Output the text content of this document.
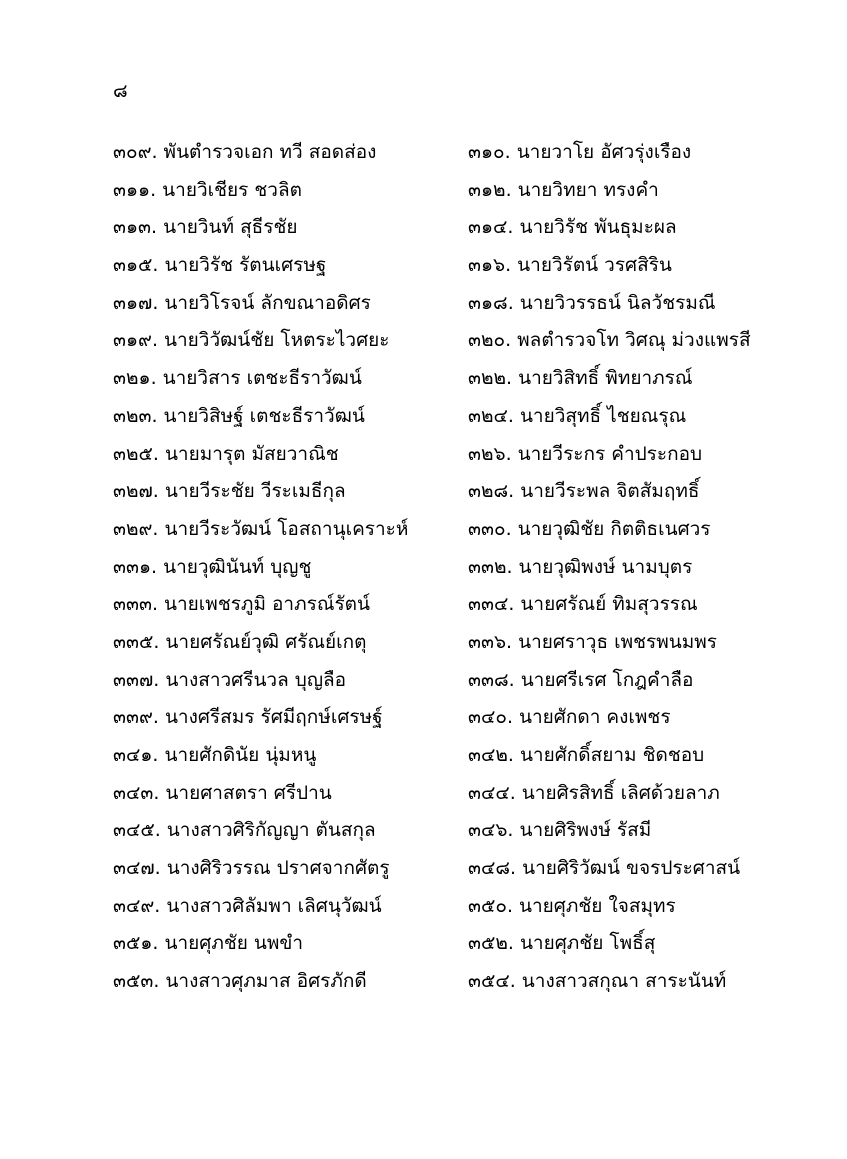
๘
๓๐๙. พันตำรวจเอก ทวี สอดส่อง	๓๑๐. นายวาโย อัศวรุ่งเรือง
๓๑๑. นายวิเชียร ชวลิต	๓๑๒. นายวิทยา ทรงคำ
๓๑๓. นายวินท์ สุธีรชัย	๓๑๔. นายวิรัช พันธุมะผล
๓๑๕. นายวิรัช รัตนเศรษฐ	๓๑๖. นายวิรัตน์ วรศสิริน
๓๑๗. นายวิโรจน์ ลักขณาอดิศร	๓๑๘. นายวิวรรธน์ นิลวัชรมณี
๓๑๙. นายวิวัฒน์ชัย โหตระไวศยะ	๓๒๐. พลตำรวจโท วิศณุ ม่วงแพรสี
๓๒๑. นายวิสาร เตชะธีราวัฒน์	๓๒๒. นายวิสิทธิ์ พิทยาภรณ์
๓๒๓. นายวิสิษฐ์ เตชะธีราวัฒน์	๓๒๔. นายวิสุทธิ์ ไชยณรุณ
๓๒๕. นายมารุต มัสยวาณิช	๓๒๖. นายวีระกร คำประกอบ
๓๒๗. นายวีระชัย วีระเมธีกุล	๓๒๘. นายวีระพล จิตสัมฤทธิ์
๓๒๙. นายวีระวัฒน์ โอสถานุเคราะห์	๓๓๐. นายวุฒิชัย กิตติธเนศวร
๓๓๑. นายวุฒินันท์ บุญชู	๓๓๒. นายวุฒิพงษ์ นามบุตร
๓๓๓. นายเพชรภูมิ อาภรณ์รัตน์	๓๓๔. นายศรัณย์ ทิมสุวรรณ
๓๓๕. นายศรัณย์วุฒิ ศรัณย์เกตุ	๓๓๖. นายศราวุธ เพชรพนมพร
๓๓๗. นางสาวศรีนวล บุญลือ	๓๓๘. นายศรีเรศ โกฎคำลือ
๓๓๙. นางศรีสมร รัศมีฤกษ์เศรษฐ์	๓๔๐. นายศักดา คงเพชร
๓๔๑. นายศักดินัย นุ่มหนู	๓๔๒. นายศักดิ์สยาม ชิดชอบ
๓๔๓. นายศาสตรา ศรีปาน	๓๔๔. นายศิรสิทธิ์ เลิศด้วยลาภ
๓๔๕. นางสาวศิริกัญญา ตันสกุล	๓๔๖. นายศิริพงษ์ รัสมี
๓๔๗. นางศิริวรรณ ปราศจากศัตรู	๓๔๘. นายศิริวัฒน์ ขจรประศาสน์
๓๔๙. นางสาวศิลัมพา เลิศนุวัฒน์	๓๕๐. นายศุภชัย ใจสมุทร
๓๕๑. นายศุภชัย นพขำ	๓๕๒. นายศุภชัย โพธิ์สุ
๓๕๓. นางสาวศุภมาส อิศรภักดี	๓๕๔. นางสาวสกุณา สาระนันท์
